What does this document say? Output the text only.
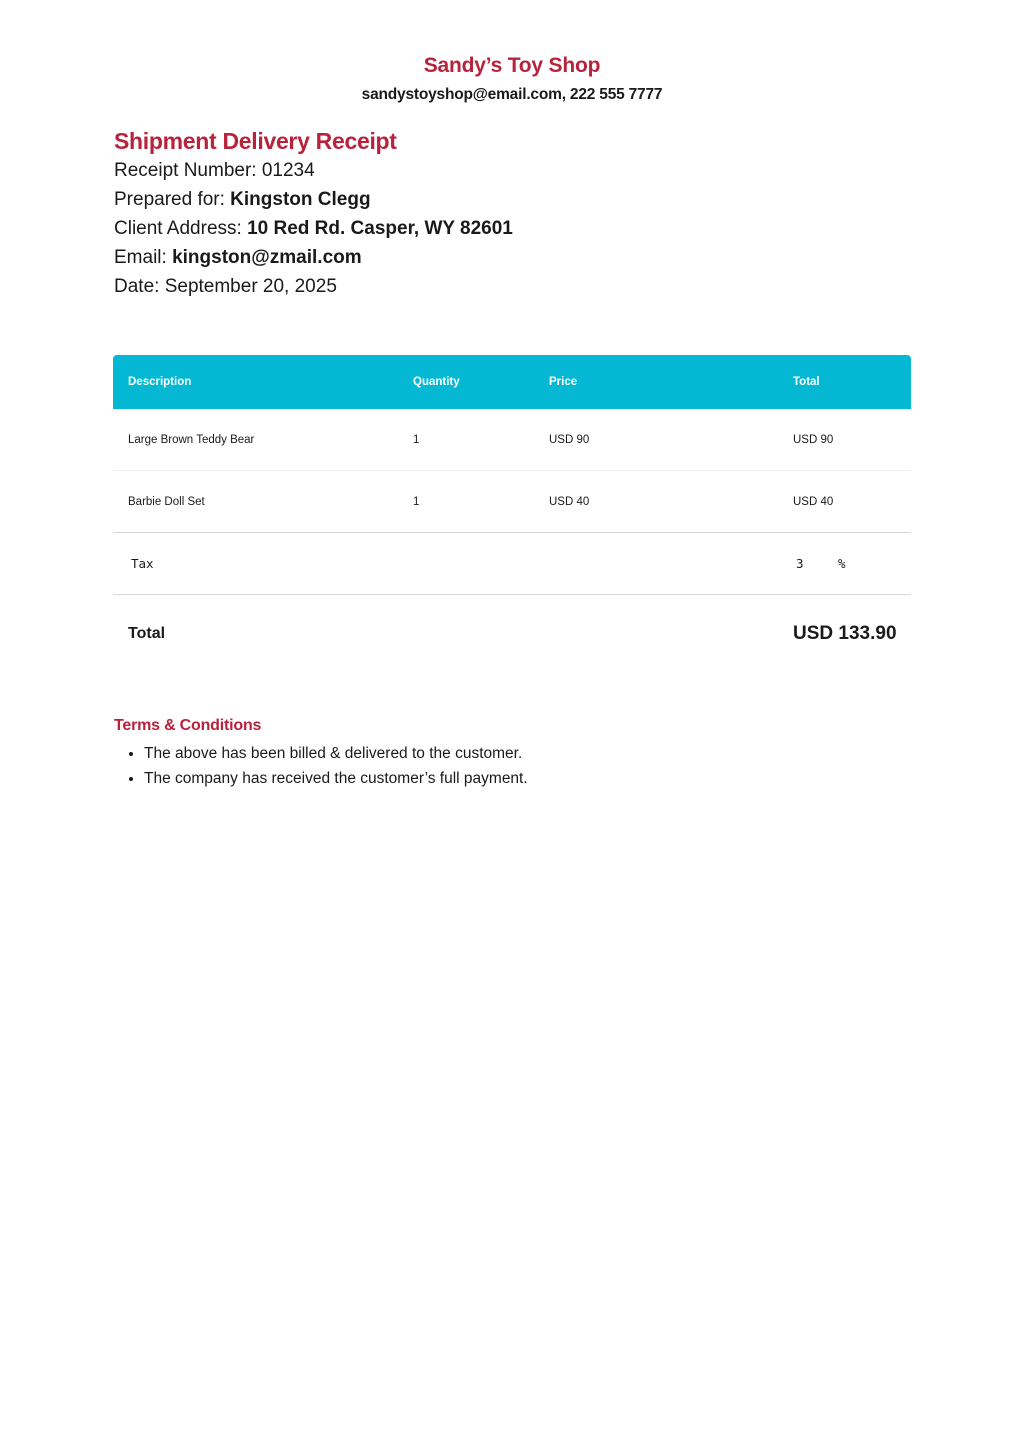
Sandy’s Toy Shop
sandystoyshop@email.com, 222 555 7777
Shipment Delivery Receipt
Receipt Number: 01234
Prepared for: Kingston Clegg
Client Address: 10 Red Rd. Casper, WY 82601
Email: kingston@zmail.com
Date: September 20, 2025
Description	Quantity	Price	Total
Large Brown Teddy Bear	1	USD 90	USD 90
Barbie Doll Set	1	USD 40	USD 40
Tax			3 %
Total			USD 133.90
Terms & Conditions
• The above has been billed & delivered to the customer.
• The company has received the customer’s full payment.
